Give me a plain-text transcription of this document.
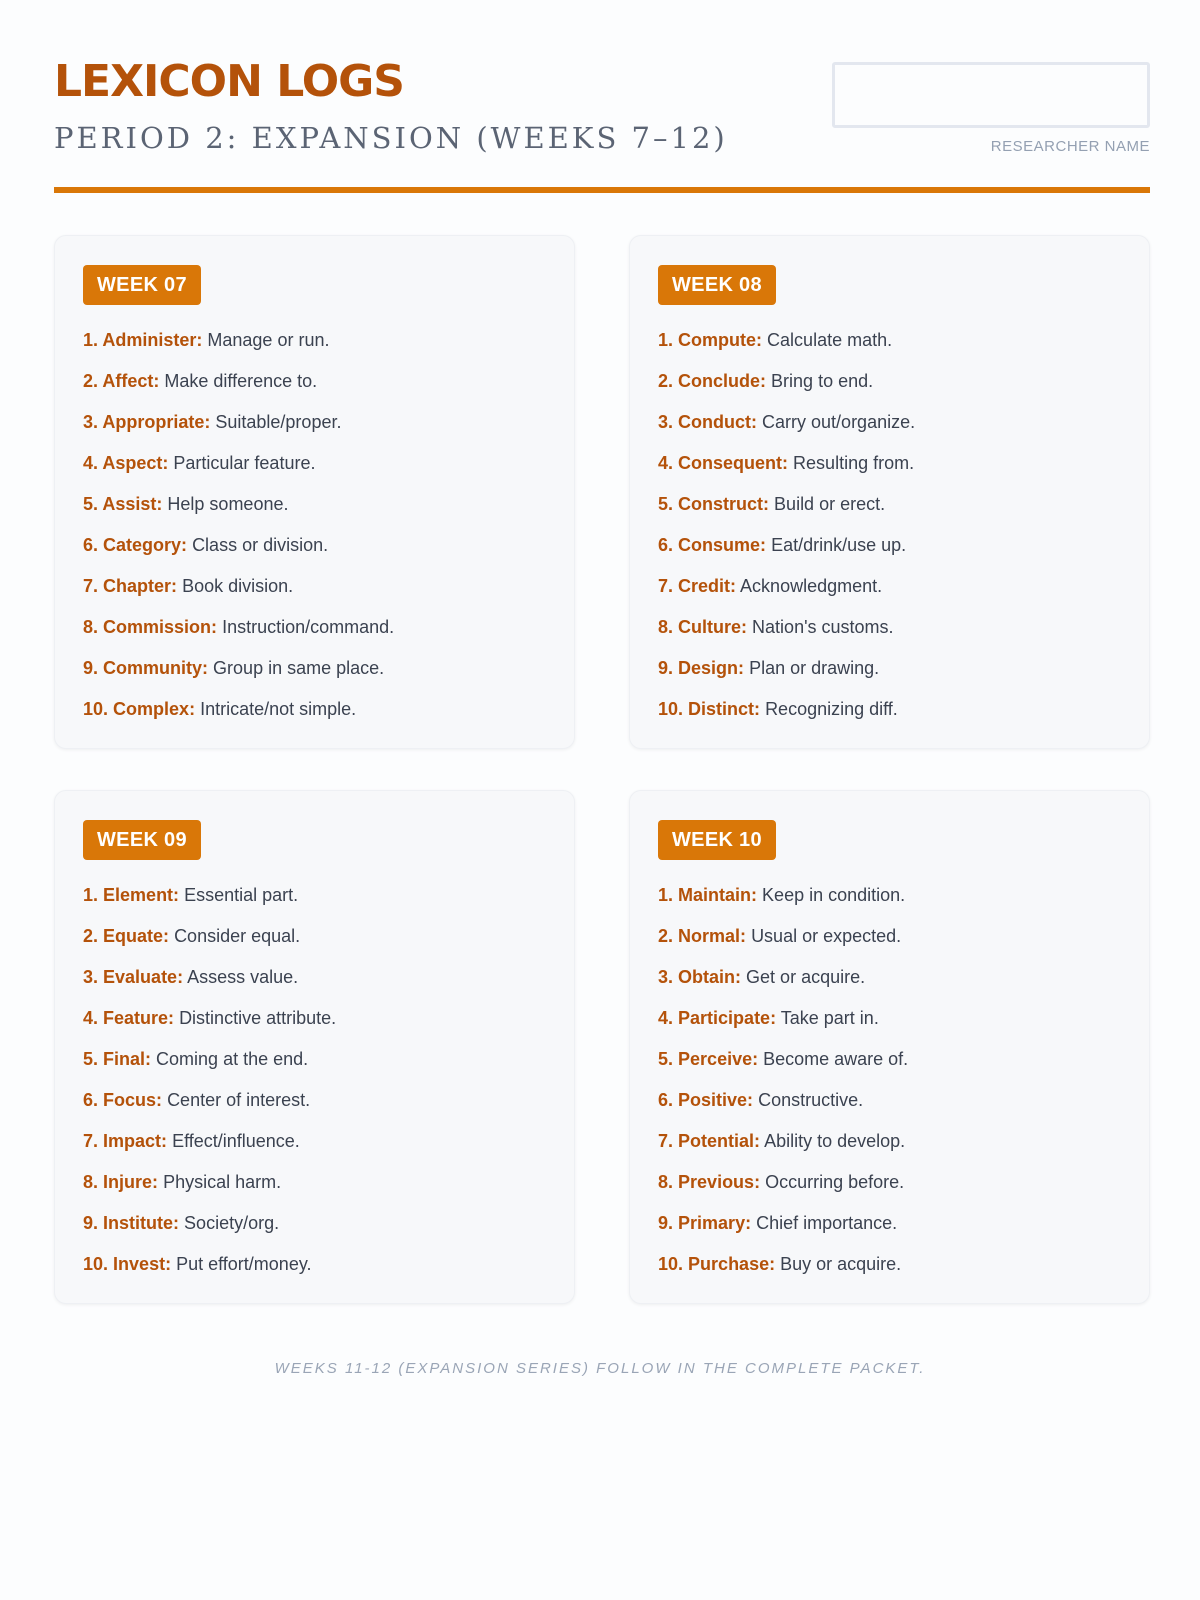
LEXICON LOGS
PERIOD 2: EXPANSION (WEEKS 7–12)	RESEARCHER NAME
WEEK 07
1. Administer: Manage or run.
2. Affect: Make difference to.
3. Appropriate: Suitable/proper.
4. Aspect: Particular feature.
5. Assist: Help someone.
6. Category: Class or division.
7. Chapter: Book division.
8. Commission: Instruction/command.
9. Community: Group in same place.
10. Complex: Intricate/not simple.
WEEK 08
1. Compute: Calculate math.
2. Conclude: Bring to end.
3. Conduct: Carry out/organize.
4. Consequent: Resulting from.
5. Construct: Build or erect.
6. Consume: Eat/drink/use up.
7. Credit: Acknowledgment.
8. Culture: Nation's customs.
9. Design: Plan or drawing.
10. Distinct: Recognizing diff.
WEEK 09
1. Element: Essential part.
2. Equate: Consider equal.
3. Evaluate: Assess value.
4. Feature: Distinctive attribute.
5. Final: Coming at the end.
6. Focus: Center of interest.
7. Impact: Effect/influence.
8. Injure: Physical harm.
9. Institute: Society/org.
10. Invest: Put effort/money.
WEEK 10
1. Maintain: Keep in condition.
2. Normal: Usual or expected.
3. Obtain: Get or acquire.
4. Participate: Take part in.
5. Perceive: Become aware of.
6. Positive: Constructive.
7. Potential: Ability to develop.
8. Previous: Occurring before.
9. Primary: Chief importance.
10. Purchase: Buy or acquire.
WEEKS 11-12 (EXPANSION SERIES) FOLLOW IN THE COMPLETE PACKET.
